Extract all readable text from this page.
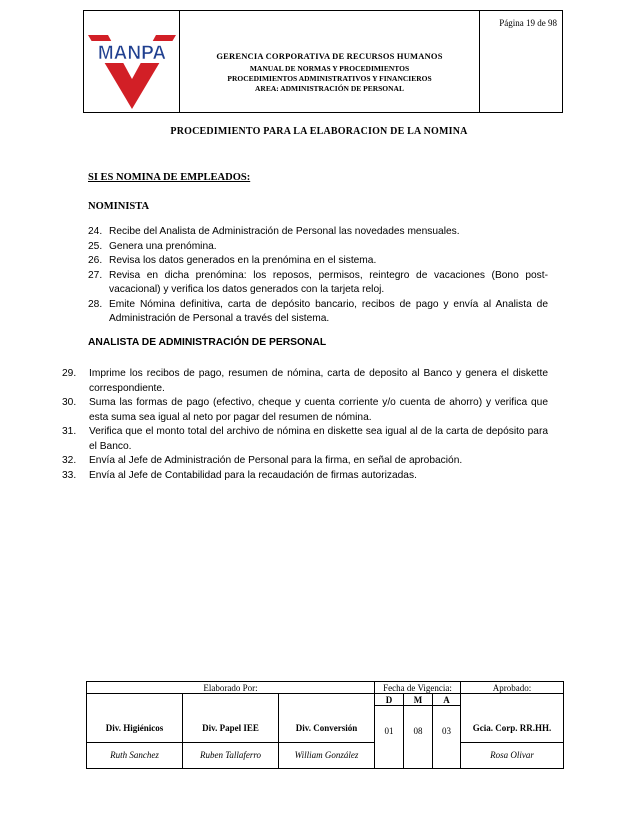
MANPA	GERENCIA CORPORATIVA DE RECURSOS HUMANOS
MANUAL DE NORMAS Y PROCEDIMIENTOS
PROCEDIMIENTOS ADMINISTRATIVOS Y FINANCIEROS
AREA: ADMINISTRACIÓN DE PERSONAL
Página 19 de 98
PROCEDIMIENTO PARA LA ELABORACION DE LA NOMINA
SI ES NOMINA DE EMPLEADOS:
NOMINISTA
24. Recibe del Analista de Administración de Personal las novedades mensuales.
25. Genera una prenómina.
26. Revisa los datos generados en la prenómina en el sistema.
27. Revisa en dicha prenómina: los reposos, permisos, reintegro de vacaciones (Bono post-vacacional) y verifica los datos generados con la tarjeta reloj.
28. Emite Nómina definitiva, carta de depósito bancario, recibos de pago y envía al Analista de Administración de Personal a través del sistema.
ANALISTA DE ADMINISTRACIÓN DE PERSONAL
29.	Imprime los recibos de pago, resumen de nómina, carta de deposito al Banco y genera el diskette correspondiente.
30.	Suma las formas de pago (efectivo, cheque y cuenta corriente y/o cuenta de ahorro) y verifica que esta suma sea igual al neto por pagar del resumen de nómina.
31.	Verifica que el monto total del archivo de nómina en diskette sea igual al de la carta de depósito para el Banco.
32.	Envía al Jefe de Administración de Personal para la firma, en señal de aprobación.
33.	Envía al Jefe de Contabilidad para la recaudación de firmas autorizadas.
Elaborado Por:			Fecha de Vigencia:			Aprobado:
			D	M	A	
			01	08	03	
Div. Higiénicos	Div. Papel IEE	Div. Conversión				Gcia. Corp. RR.HH.
Ruth Sanchez	Ruben Tallaferro	William González				Rosa Olivar
